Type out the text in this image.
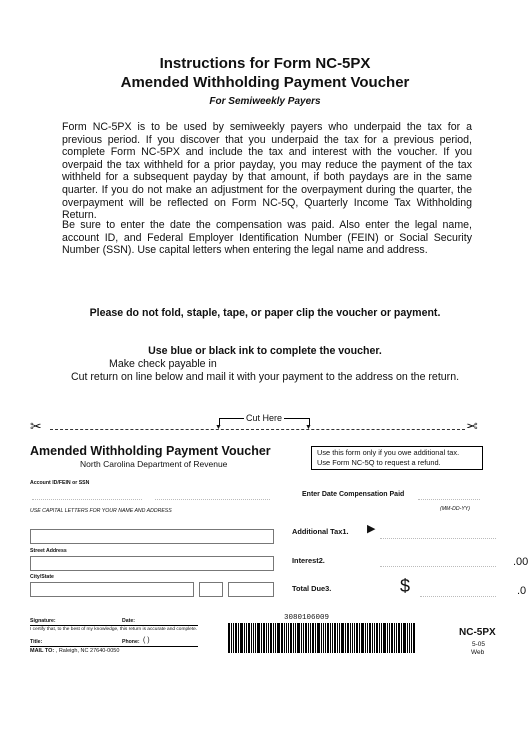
Instructions for Form NC-5PX
Amended Withholding Payment Voucher
For Semiweekly Payers
Form NC-5PX is to be used by semiweekly payers who underpaid the tax for a previous period. If you discover that you underpaid the tax for a previous period, complete Form NC-5PX and include the tax and interest with the voucher. If you overpaid the tax withheld for a prior payday, you may reduce the payment of the tax withheld for a subsequent payday by that amount, if both paydays are in the same quarter. If you do not make an adjustment for the overpayment during the quarter, the overpayment will be reflected on Form NC-5Q, Quarterly Income Tax Withholding Return.
Be sure to enter the date the compensation was paid. Also enter the legal name, account ID, and Federal Employer Identification Number (FEIN) or Social Security Number (SSN). Use capital letters when entering the legal name and address.
Please do not fold, staple, tape, or paper clip the voucher or payment.
Use blue or black ink to complete the voucher.
Make check payable in
Cut return on line below and mail it with your payment to the address on the return.
✂	✂
▼	▼
Cut Here
Amended Withholding Payment Voucher
North Carolina Department of Revenue
Use this form only if you owe additional tax.
Use Form NC-5Q to request a refund.
Account ID/FEIN or SSN
USE CAPITAL LETTERS FOR YOUR NAME AND ADDRESS
Street Address
City/State
Enter Date Compensation Paid
(MM-DD-YY)
Additional Tax1. ▶
Interest2.	.00
Total Due3.	$	.0
Signature:	Date:
I certify that, to the best of my knowledge, this return is accurate and complete.
Title:	Phone: ( )
MAIL TO: , Raleigh, NC 27640-0050
3080106009
NC-5PX
5-05
Web
